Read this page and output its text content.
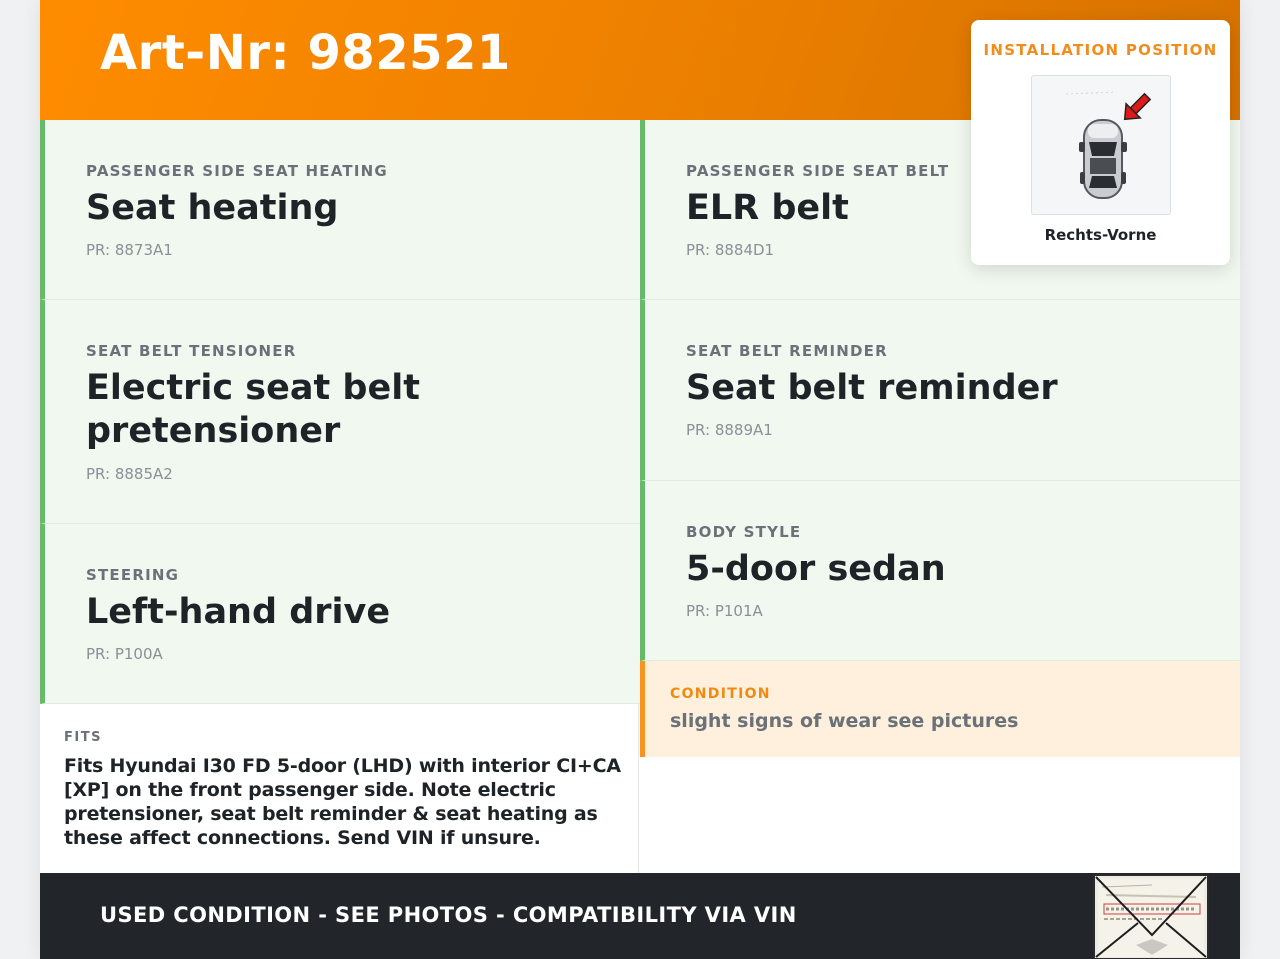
Art-Nr: 982521
PASSENGER SIDE SEAT HEATING
Seat heating
PR: 8873A1
SEAT BELT TENSIONER
Electric seat belt pretensioner
PR: 8885A2
STEERING
Left-hand drive
PR: P100A
PASSENGER SIDE SEAT BELT
ELR belt
PR: 8884D1
SEAT BELT REMINDER
Seat belt reminder
PR: 8889A1
BODY STYLE
5-door sedan
PR: P101A
FITS
Fits Hyundai I30 FD 5-door (LHD) with interior CI+CA [XP] on the front passenger side. Note electric pretensioner, seat belt reminder & seat heating as these affect connections. Send VIN if unsure.
CONDITION
slight signs of wear see pictures
USED CONDITION - SEE PHOTOS - COMPATIBILITY VIA VIN
INSTALLATION POSITION
Rechts-Vorne
